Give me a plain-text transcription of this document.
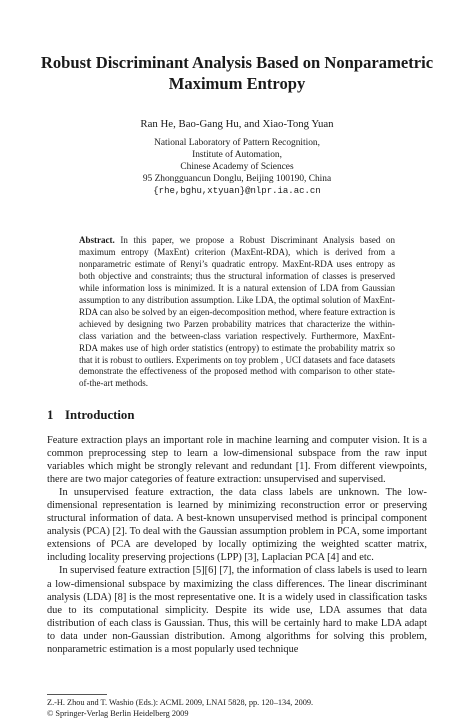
Robust Discriminant Analysis Based on Nonparametric
Maximum Entropy

Ran He, Bao-Gang Hu, and Xiao-Tong Yuan

National Laboratory of Pattern Recognition,
Institute of Automation,
Chinese Academy of Sciences
95 Zhongguancun Donglu, Beijing 100190, China
{rhe,bghu,xtyuan}@nlpr.ia.ac.cn

Abstract. In this paper, we propose a Robust Discriminant Analysis based on maximum entropy (MaxEnt) criterion (MaxEnt-RDA), which is derived from a nonparametric estimate of Renyi’s quadratic entropy. MaxEnt-RDA uses entropy as both objective and constraints; thus the structural information of classes is preserved while information loss is minimized. It is a natural extension of LDA from Gaussian assumption to any distribution assumption. Like LDA, the optimal solution of MaxEnt-RDA can also be solved by an eigen-decomposition method, where feature extraction is achieved by designing two Parzen probability matrices that characterize the within-class variation and the between-class variation respectively. Furthermore, MaxEnt-RDA makes use of high order statistics (entropy) to estimate the probability matrix so that it is robust to outliers. Experiments on toy problem , UCI datasets and face datasets demonstrate the effectiveness of the proposed method with comparison to other state-of-the-art methods.

1 Introduction

Feature extraction plays an important role in machine learning and computer vision. It is a common preprocessing step to learn a low-dimensional subspace from the raw input variables which might be strongly relevant and redundant [1]. From different viewpoints, there are two major categories of feature extraction: unsupervised and supervised.

In unsupervised feature extraction, the data class labels are unknown. The low-dimensional representation is learned by minimizing reconstruction error or preserving structural information of data. A best-known unsupervised method is principal component analysis (PCA) [2]. To deal with the Gaussian assumption problem in PCA, some important extensions of PCA are developed by locally optimizing the weighted scatter matrix, including locality preserving projections (LPP) [3], Laplacian PCA [4] and etc.

In supervised feature extraction [5][6] [7], the information of class labels is used to learn a low-dimensional subspace by maximizing the class differences. The linear discriminant analysis (LDA) [8] is the most representative one. It is a widely used in classification tasks due to its computational simplicity. Despite its wide use, LDA assumes that data distribution of each class is Gaussian. Thus, this will be certainly hard to make LDA adapt to data under non-Gaussian distribution. Among algorithms for solving this problem, nonparametric estimation is a most popularly used technique

Z.-H. Zhou and T. Washio (Eds.): ACML 2009, LNAI 5828, pp. 120–134, 2009.
© Springer-Verlag Berlin Heidelberg 2009
